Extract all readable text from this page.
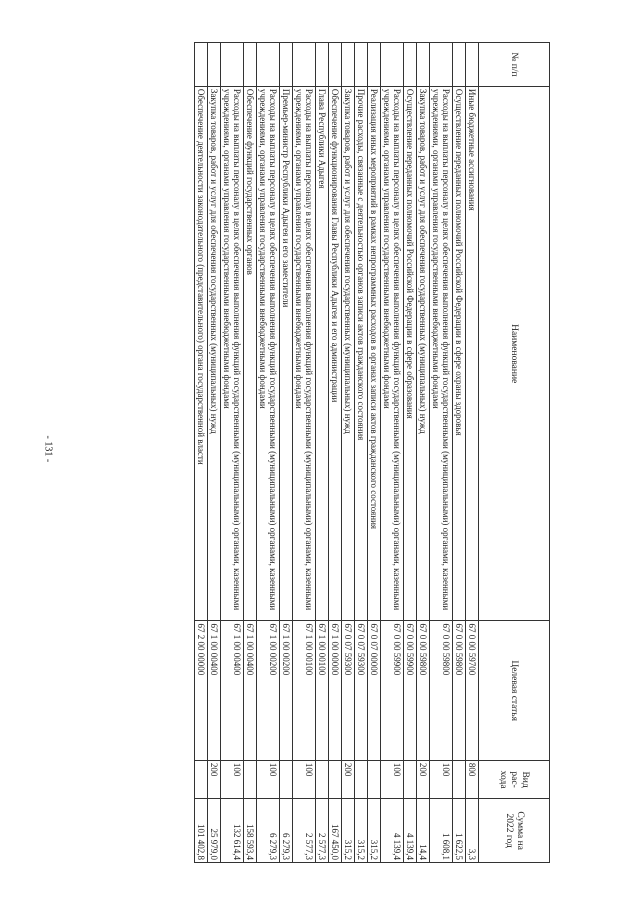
- 131 -
№ п/п	Наименование	Целевая статья	Вид рас- хода	Сумма на 2022 год
	Иные бюджетные ассигнования	67 0 00 59700	800	3,3
	Осуществление переданных полномочий Российской Федерации в сфере охраны здоровья	67 0 00 59800		1 622,5
	Расходы на выплаты персоналу в целях обеспечения выполнения функций государственными (муниципальными) органами, казенными учреждениями, органами управления государственными внебюджетными фондами	67 0 00 59800	100	1 608,1
	Закупка товаров, работ и услуг для обеспечения государственных (муниципальных) нужд	67 0 00 59800	200	14,4
	Осуществление переданных полномочий Российской Федерации в сфере образования	67 0 00 59900		4 139,4
	Расходы на выплаты персоналу в целях обеспечения выполнения функций государственными (муниципальными) органами, казенными учреждениями, органами управления государственными внебюджетными фондами	67 0 00 59900	100	4 139,4
	Реализация иных мероприятий в рамках непрограммных расходов в органах записи актов гражданского состояния	67 0 07 00000		315,2
	Прочие расходы, связанные с деятельностью органов записи актов гражданского состояния	67 0 07 59300		315,2
	Закупка товаров, работ и услуг для обеспечения государственных (муниципальных) нужд	67 0 07 59300	200	315,2
	Обеспечение функционирования Главы Республики Адыгея и его администрации	67 1 00 00000		167 450,0
	Глава Республики Адыгея	67 1 00 00100		2 577,3
	Расходы на выплаты персоналу в целях обеспечения выполнения функций государственными (муниципальными) органами, казенными учреждениями, органами управления государственными внебюджетными фондами	67 1 00 00100	100	2 577,3
	Премьер-министр Республики Адыгея и его заместители	67 1 00 00200		6 279,3
	Расходы на выплаты персоналу в целях обеспечения выполнения функций государственными (муниципальными) органами, казенными учреждениями, органами управления государственными внебюджетными фондами	67 1 00 00200	100	6 279,3
	Обеспечение функций государственных органов	67 1 00 00400		158 593,4
	Расходы на выплаты персоналу в целях обеспечения выполнения функций государственными (муниципальными) органами, казенными учреждениями, органами управления государственными внебюджетными фондами	67 1 00 00400	100	132 614,4
	Закупка товаров, работ и услуг для обеспечения государственных (муниципальных) нужд	67 1 00 00400	200	25 979,0
	Обеспечение деятельности законодательного (представительного) органа государственной власти	67 2 00 00000		101 402,8
